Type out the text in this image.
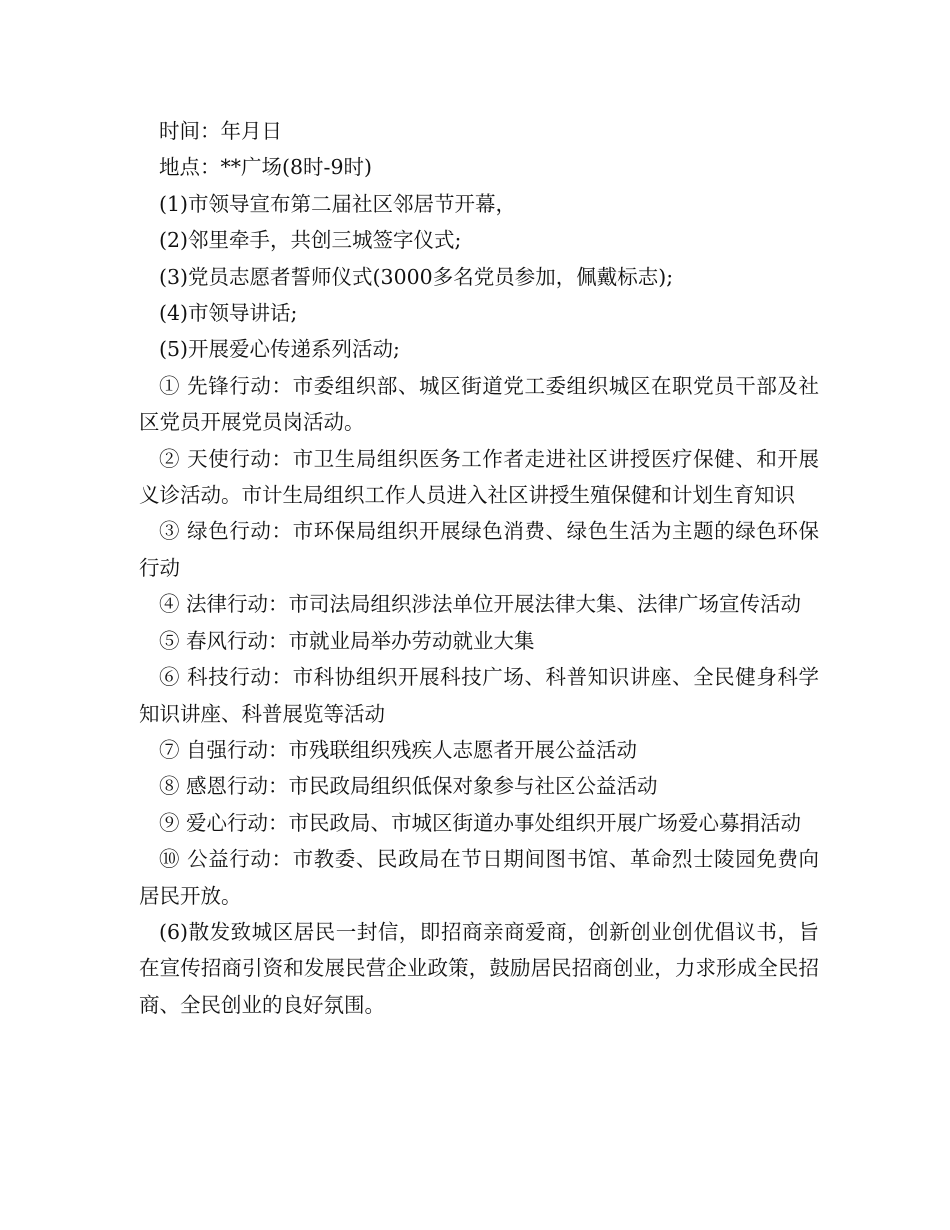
时间：年月日

地点：**广场(8时-9时)

(1)市领导宣布第二届社区邻居节开幕，

(2)邻里牵手，共创三城签字仪式;

(3)党员志愿者誓师仪式(3000多名党员参加，佩戴标志);

(4)市领导讲话;

(5)开展爱心传递系列活动;

① 先锋行动：市委组织部、城区街道党工委组织城区在职党员干部及社区党员开展党员岗活动。

② 天使行动：市卫生局组织医务工作者走进社区讲授医疗保健、和开展义诊活动。市计生局组织工作人员进入社区讲授生殖保健和计划生育知识

③ 绿色行动：市环保局组织开展绿色消费、绿色生活为主题的绿色环保行动

④ 法律行动：市司法局组织涉法单位开展法律大集、法律广场宣传活动

⑤ 春风行动：市就业局举办劳动就业大集

⑥ 科技行动：市科协组织开展科技广场、科普知识讲座、全民健身科学知识讲座、科普展览等活动

⑦ 自强行动：市残联组织残疾人志愿者开展公益活动

⑧ 感恩行动：市民政局组织低保对象参与社区公益活动

⑨ 爱心行动：市民政局、市城区街道办事处组织开展广场爱心募捐活动

⑩ 公益行动：市教委、民政局在节日期间图书馆、革命烈士陵园免费向居民开放。

(6)散发致城区居民一封信，即招商亲商爱商，创新创业创优倡议书，旨在宣传招商引资和发展民营企业政策，鼓励居民招商创业，力求形成全民招商、全民创业的良好氛围。
